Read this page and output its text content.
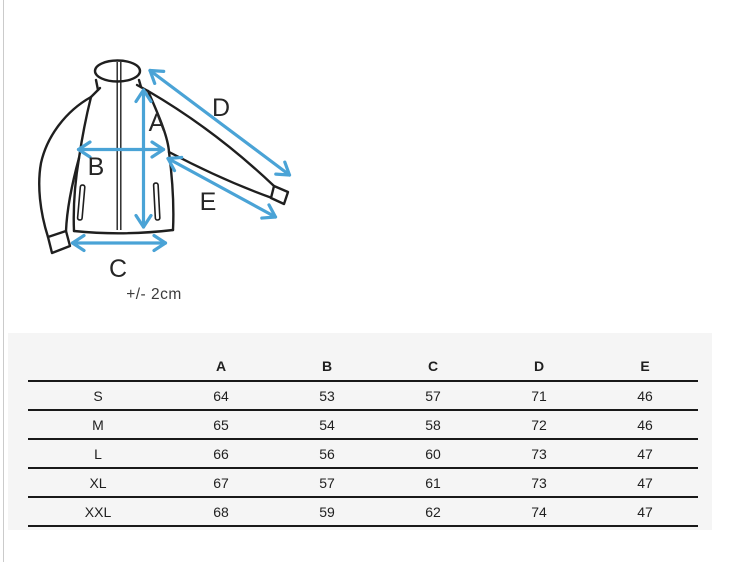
A
B
C
D
E
+/- 2cm
	A	B	C	D	E
S	64	53	57	71	46
M	65	54	58	72	46
L	66	56	60	73	47
XL	67	57	61	73	47
XXL	68	59	62	74	47
